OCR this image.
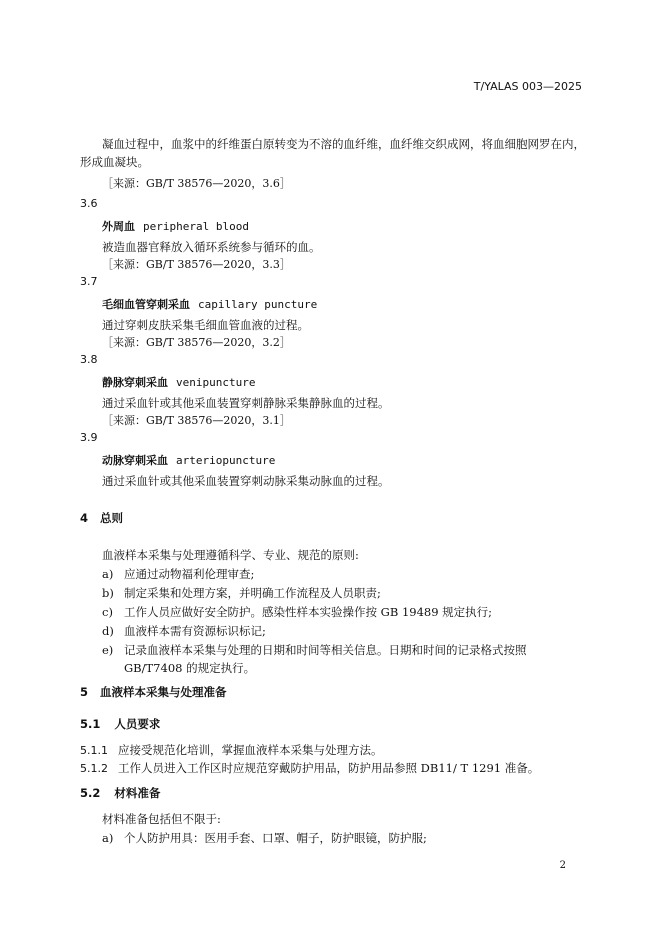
T/YALAS 003—2025
凝血过程中，血浆中的纤维蛋白原转变为不溶的血纤维，血纤维交织成网，将血细胞网罗在内，
形成血凝块。
［来源：GB/T 38576—2020，3.6］
3.6
外周血 peripheral blood
被造血器官释放入循环系统参与循环的血。
［来源：GB/T 38576—2020，3.3］
3.7
毛细血管穿刺采血 capillary puncture
通过穿刺皮肤采集毛细血管血液的过程。
［来源：GB/T 38576—2020，3.2］
3.8
静脉穿刺采血 venipuncture
通过采血针或其他采血装置穿刺静脉采集静脉血的过程。
［来源：GB/T 38576—2020，3.1］
3.9
动脉穿刺采血 arteriopuncture
通过采血针或其他采血装置穿刺动脉采集动脉血的过程。
4 总则
血液样本采集与处理遵循科学、专业、规范的原则:
a) 应通过动物福利伦理审查;
b) 制定采集和处理方案，并明确工作流程及人员职责;
c) 工作人员应做好安全防护。感染性样本实验操作按 GB 19489 规定执行;
d) 血液样本需有资源标识标记;
e) 记录血液样本采集与处理的日期和时间等相关信息。日期和时间的记录格式按照
GB/T7408 的规定执行。
5 血液样本采集与处理准备
5.1 人员要求
5.1.1 应接受规范化培训，掌握血液样本采集与处理方法。
5.1.2 工作人员进入工作区时应规范穿戴防护用品，防护用品参照 DB11/ T 1291 准备。
5.2 材料准备
材料准备包括但不限于:
a) 个人防护用具：医用手套、口罩、帽子，防护眼镜，防护服;
2
